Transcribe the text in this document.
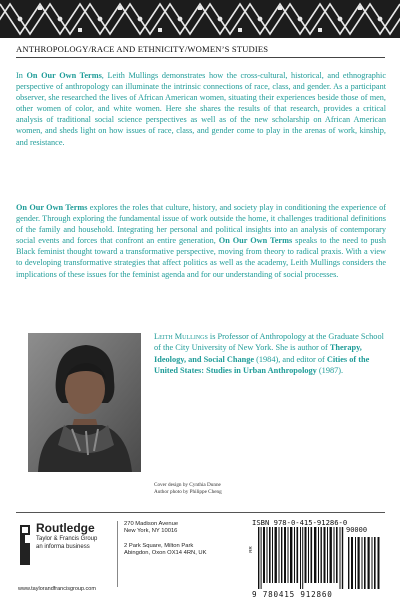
ANTHROPOLOGY/RACE AND ETHNICITY/WOMEN’S STUDIES

In On Our Own Terms, Leith Mullings demonstrates how the cross-cultural, historical, and ethnographic perspective of anthropology can illuminate the intrinsic connections of race, class, and gender. As a participant observer, she researched the lives of African American women, situating their experiences beside those of men, other women of color, and white women. Here she shares the results of that research, provides a critical analysis of traditional social science perspectives as well as of the new scholarship on African American women, and sheds light on how issues of race, class, and gender come to play in the arenas of work, kinship, and resistance.

On Our Own Terms explores the roles that culture, history, and society play in conditioning the experience of gender. Through exploring the fundamental issue of work outside the home, it challenges traditional definitions of the family and household. Integrating her personal and political insights into an analysis of contemporary social events and forces that confront an entire generation, On Our Own Terms speaks to the need to push Black feminist thought toward a transformative perspective, moving from theory to radical praxis. With a view to developing transformative strategies that affect politics as well as the academy, Leith Mullings considers the implications of these issues for the feminist agenda and for our understanding of social processes.

Leith Mullings is Professor of Anthropology at the Graduate School of the City University of New York. She is author of Therapy, Ideology, and Social Change (1984), and editor of Cities of the United States: Studies in Urban Anthropology (1987).

Cover design by Cynthia Dunne
Author photo by Philippe Cheng
Routledge
Taylor & Francis Group
an informa business
www.taylorandfrancisgroup.com
270 Madison Avenue
New York, NY 10016

2 Park Square, Milton Park
Abingdon, Oxon OX14 4RN, UK
RR
ISBN 978-0-415-91286-0
90000
9 780415 912860
